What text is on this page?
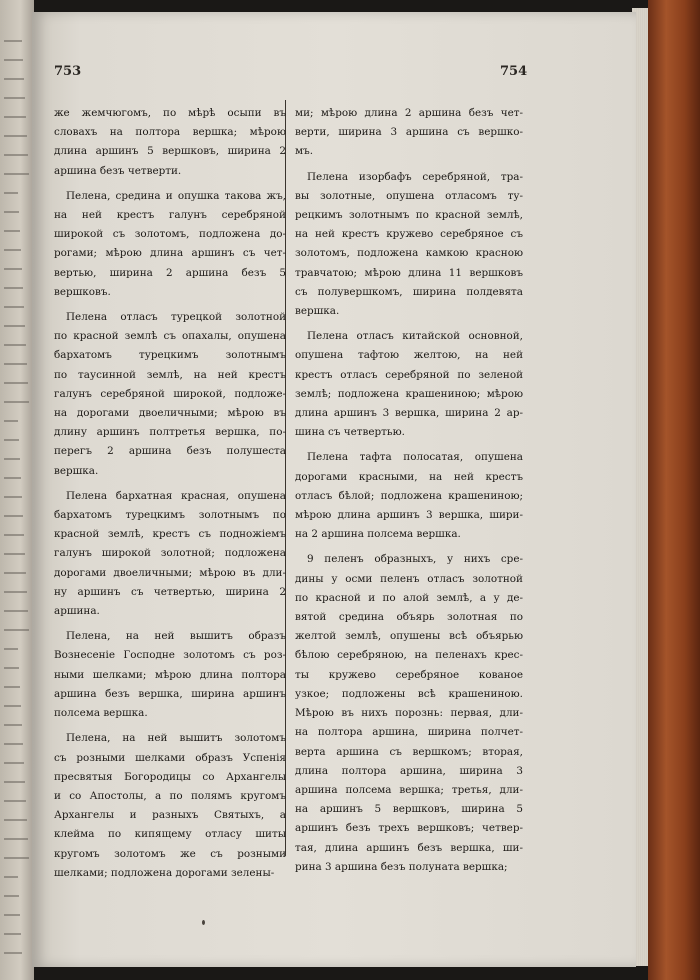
753	754
же жемчюгомъ, по мѣрѣ осыпи въ
словахъ на полтора вершка; мѣрою
длина аршинъ 5 вершковъ, ширина 2
аршина безъ четверти.
Пелена, средина и опушка такова жъ,
на ней крестъ галунъ серебряной
широкой съ золотомъ, подложена до-
рогами; мѣрою длина аршинъ съ чет-
вертью, ширина 2 аршина безъ 5
вершковъ.
Пелена отласъ турецкой золотной
по красной землѣ съ опахалы, опушена
бархатомъ турецкимъ золотнымъ
по таусинной землѣ, на ней крестъ
галунъ серебряной широкой, подложе-
на дорогами двоеличными; мѣрою въ
длину аршинъ полтретья вершка, по-
перегъ 2 аршина безъ полушеста
вершка.
Пелена бархатная красная, опушена
бархатомъ турецкимъ золотнымъ по
красной землѣ, крестъ съ подножіемъ
галунъ широкой золотной; подложена
дорогами двоеличными; мѣрою въ дли-
ну аршинъ съ четвертью, ширина 2
аршина.
Пелена, на ней вышитъ образъ
Вознесеніе Господне золотомъ съ роз-
ными шелками; мѣрою длина полтора
аршина безъ вершка, ширина аршинъ
полсема вершка.
Пелена, на ней вышитъ золотомъ
съ розными шелками образъ Успенія
пресвятыя Богородицы со Архангелы
и со Апостолы, а по полямъ кругомъ
Архангелы и разныхъ Святыхъ, а
клейма по кипящему отласу шиты
кругомъ золотомъ же съ розными
шелками; подложена дорогами зелены-
ми; мѣрою длина 2 аршина безъ чет-
верти, ширина 3 аршина съ вершко-
мъ.
Пелена изорбафъ серебряной, тра-
вы золотные, опушена отласомъ ту-
рецкимъ золотнымъ по красной землѣ,
на ней крестъ кружево серебряное съ
золотомъ, подложена камкою красною
травчатою; мѣрою длина 11 вершковъ
съ полувершкомъ, ширина полдевята
вершка.
Пелена отласъ китайской основной,
опушена тафтою желтою, на ней
крестъ отласъ серебряной по зеленой
землѣ; подложена крашениною; мѣрою
длина аршинъ 3 вершка, ширина 2 ар-
шина съ четвертью.
Пелена тафта полосатая, опушена
дорогами красными, на ней крестъ
отласъ бѣлой; подложена крашениною;
мѣрою длина аршинъ 3 вершка, шири-
на 2 аршина полсема вершка.
9 пеленъ образныхъ, у нихъ сре-
дины у осми пеленъ отласъ золотной
по красной и по алой землѣ, а у де-
вятой средина объярь золотная по
желтой землѣ, опушены всѣ объярью
бѣлою серебряною, на пеленахъ крес-
ты кружево серебряное кованое
узкое; подложены всѣ крашениною.
Мѣрою въ нихъ порознь: первая, дли-
на полтора аршина, ширина полчет-
верта аршина съ вершкомъ; вторая,
длина полтора аршина, ширина 3
аршина полсема вершка; третья, дли-
на аршинъ 5 вершковъ, ширина 5
аршинъ безъ трехъ вершковъ; четвер-
тая, длина аршинъ безъ вершка, ши-
рина 3 аршина безъ полуната вершка;
